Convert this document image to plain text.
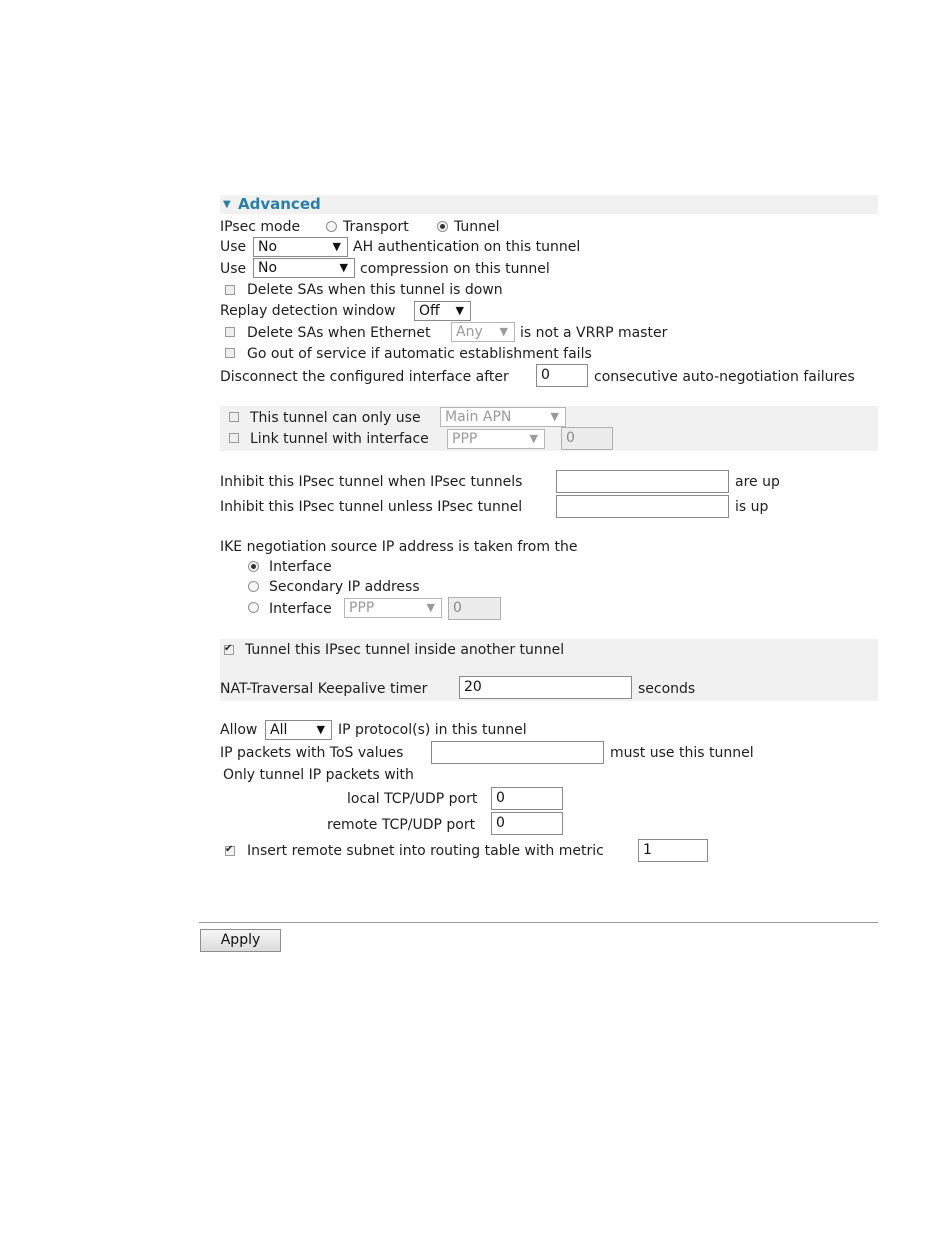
▼ Advanced
IPsec mode	Transport	Tunnel
Use No	▼ AH authentication on this tunnel
Use No	▼ compression on this tunnel
Delete SAs when this tunnel is down
Replay detection window	Off ▼
Delete SAs when Ethernet	Any ▼ is not a VRRP master
Go out of service if automatic establishment fails
Disconnect the configured interface after	0	consecutive auto-negotiation failures
This tunnel can only use	Main APN	▼
Link tunnel with interface	PPP	▼	0
Inhibit this IPsec tunnel when IPsec tunnels	are up
Inhibit this IPsec tunnel unless IPsec tunnel	is up
IKE negotiation source IP address is taken from the
Interface
Secondary IP address
Interface	PPP	▼	0
✔
Tunnel this IPsec tunnel inside another tunnel
NAT-Traversal Keepalive timer	20	seconds
Allow All	▼ IP protocol(s) in this tunnel
IP packets with ToS values	must use this tunnel
Only tunnel IP packets with
local TCP/UDP port	0
remote TCP/UDP port	0
✔
Insert remote subnet into routing table with metric	1
Apply
